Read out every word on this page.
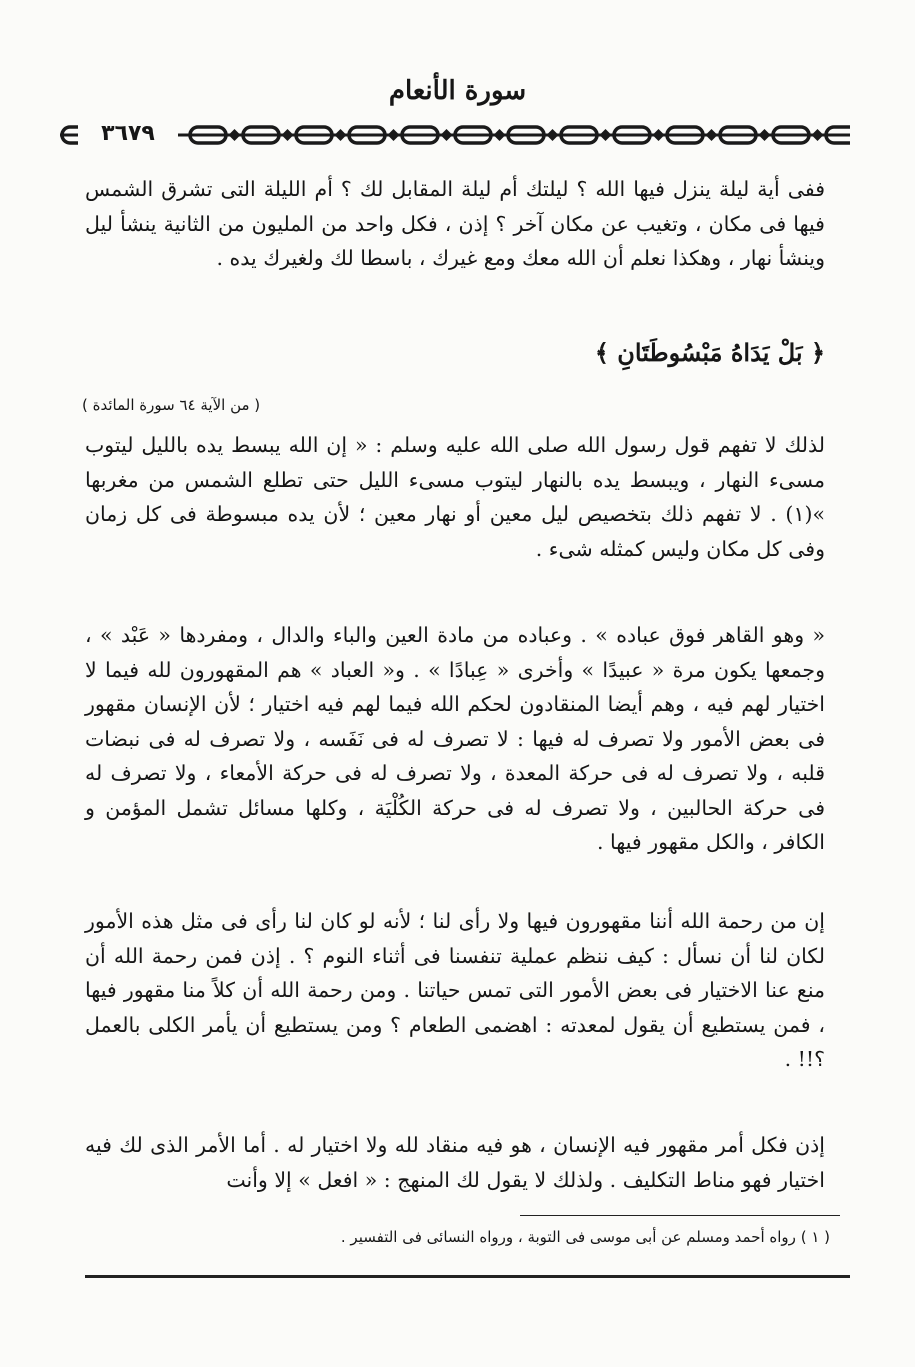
سورة الأنعام
٣٦٧٩

ففى أية ليلة ينزل فيها الله ؟ ليلتك أم ليلة المقابل لك ؟ أم الليلة التى تشرق الشمس فيها فى مكان ، وتغيب عن مكان آخر ؟ إذن ، فكل واحد من المليون من الثانية ينشأ ليل وينشأ نهار ، وهكذا نعلم أن الله معك ومع غيرك ، باسطا لك ولغيرك يده .

﴿ بَلْ يَدَاهُ مَبْسُوطَتَانِ ﴾
( من الآية ٦٤ سورة المائدة )

لذلك لا تفهم قول رسول الله صلى الله عليه وسلم : « إن الله يبسط يده بالليل ليتوب مسىء النهار ، ويبسط يده بالنهار ليتوب مسىء الليل حتى تطلع الشمس من مغربها »(١) . لا تفهم ذلك بتخصيص ليل معين أو نهار معين ؛ لأن يده مبسوطة فى كل زمان وفى كل مكان وليس كمثله شىء .

« وهو القاهر فوق عباده » . وعباده من مادة العين والباء والدال ، ومفردها « عَبْد » ، وجمعها يكون مرة « عبيدًا » وأخرى « عِبادًا » . و« العباد » هم المقهورون لله فيما لا اختيار لهم فيه ، وهم أيضا المنقادون لحكم الله فيما لهم فيه اختيار ؛ لأن الإنسان مقهور فى بعض الأمور ولا تصرف له فيها : لا تصرف له فى نَفَسه ، ولا تصرف له فى نبضات قلبه ، ولا تصرف له فى حركة المعدة ، ولا تصرف له فى حركة الأمعاء ، ولا تصرف له فى حركة الحالبين ، ولا تصرف له فى حركة الكُلْيَة ، وكلها مسائل تشمل المؤمن و الكافر ، والكل مقهور فيها .

إن من رحمة الله أننا مقهورون فيها ولا رأى لنا ؛ لأنه لو كان لنا رأى فى مثل هذه الأمور لكان لنا أن نسأل : كيف ننظم عملية تنفسنا فى أثناء النوم ؟ . إذن فمن رحمة الله أن منع عنا الاختيار فى بعض الأمور التى تمس حياتنا . ومن رحمة الله أن كلاً منا مقهور فيها ، فمن يستطيع أن يقول لمعدته : اهضمى الطعام ؟ ومن يستطيع أن يأمر الكلى بالعمل ؟!! .

إذن فكل أمر مقهور فيه الإنسان ، هو فيه منقاد لله ولا اختيار له . أما الأمر الذى لك فيه اختيار فهو مناط التكليف . ولذلك لا يقول لك المنهج : « افعل » إلا وأنت

( ١ ) رواه أحمد ومسلم عن أبى موسى فى التوبة ، ورواه النسائى فى التفسير .
